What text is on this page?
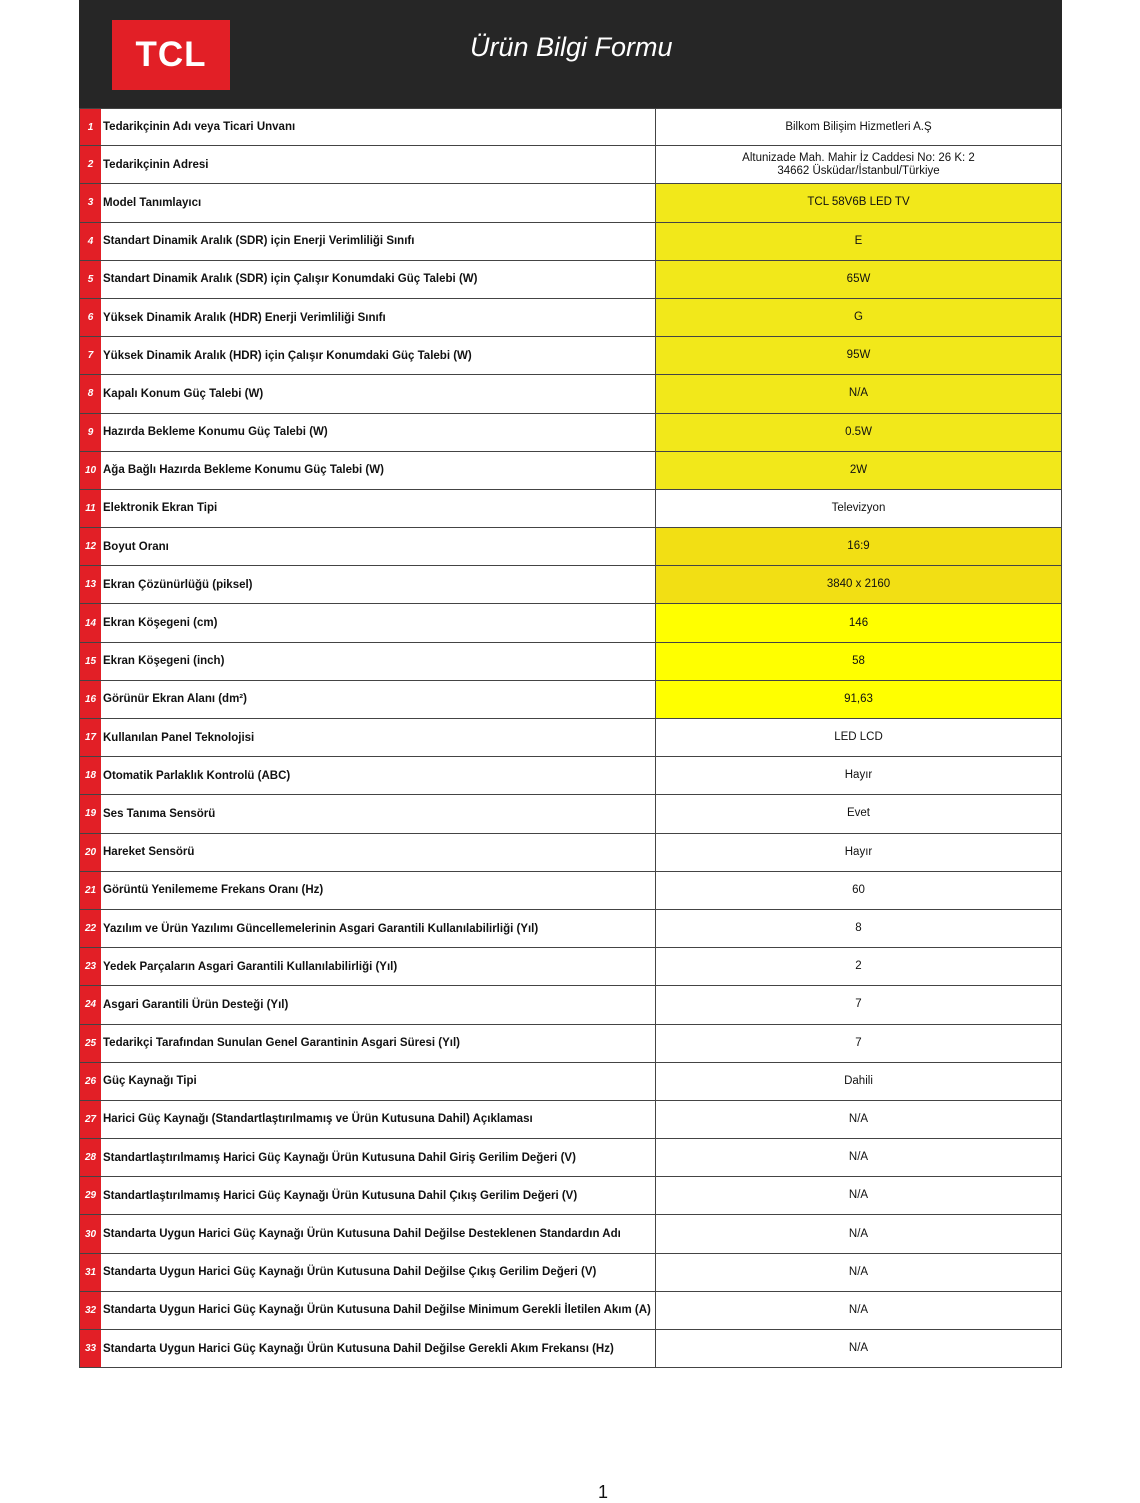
TCL	Ürün Bilgi Formu
1 Tedarikçinin Adı veya Ticari Unvanı	Bilkom Bilişim Hizmetleri A.Ş
2 Tedarikçinin Adresi
Altunizade Mah. Mahir İz Caddesi No: 26 K: 2
34662 Üsküdar/İstanbul/Türkiye
3 Model Tanımlayıcı	TCL 58V6B LED TV
4 Standart Dinamik Aralık (SDR) için Enerji Verimliliği Sınıfı	E
5 Standart Dinamik Aralık (SDR) için Çalışır Konumdaki Güç Talebi (W)	65W
6 Yüksek Dinamik Aralık (HDR) Enerji Verimliliği Sınıfı	G
7 Yüksek Dinamik Aralık (HDR) için Çalışır Konumdaki Güç Talebi (W)	95W
8 Kapalı Konum Güç Talebi (W)	N/A
9 Hazırda Bekleme Konumu Güç Talebi (W)	0.5W
10 Ağa Bağlı Hazırda Bekleme Konumu Güç Talebi (W)	2W
11 Elektronik Ekran Tipi	Televizyon
12 Boyut Oranı	16:9
13 Ekran Çözünürlüğü (piksel)	3840 x 2160
14 Ekran Köşegeni (cm)	146
15 Ekran Köşegeni (inch)	58
16 Görünür Ekran Alanı (dm²)	91,63
17 Kullanılan Panel Teknolojisi	LED LCD
18 Otomatik Parlaklık Kontrolü (ABC)	Hayır
19 Ses Tanıma Sensörü	Evet
20 Hareket Sensörü	Hayır
21 Görüntü Yenilememe Frekans Oranı (Hz)	60
22 Yazılım ve Ürün Yazılımı Güncellemelerinin Asgari Garantili Kullanılabilirliği (Yıl)	8
23 Yedek Parçaların Asgari Garantili Kullanılabilirliği (Yıl)	2
24 Asgari Garantili Ürün Desteği (Yıl)	7
25 Tedarikçi Tarafından Sunulan Genel Garantinin Asgari Süresi (Yıl)	7
26 Güç Kaynağı Tipi	Dahili
27 Harici Güç Kaynağı (Standartlaştırılmamış ve Ürün Kutusuna Dahil) Açıklaması	N/A
28 Standartlaştırılmamış Harici Güç Kaynağı Ürün Kutusuna Dahil Giriş Gerilim Değeri (V)	N/A
29 Standartlaştırılmamış Harici Güç Kaynağı Ürün Kutusuna Dahil Çıkış Gerilim Değeri (V)	N/A
30 Standarta Uygun Harici Güç Kaynağı Ürün Kutusuna Dahil Değilse Desteklenen Standardın Adı	N/A
31 Standarta Uygun Harici Güç Kaynağı Ürün Kutusuna Dahil Değilse Çıkış Gerilim Değeri (V)	N/A
32 Standarta Uygun Harici Güç Kaynağı Ürün Kutusuna Dahil Değilse Minimum Gerekli İletilen Akım (A)	N/A
33 Standarta Uygun Harici Güç Kaynağı Ürün Kutusuna Dahil Değilse Gerekli Akım Frekansı (Hz)	N/A
1
